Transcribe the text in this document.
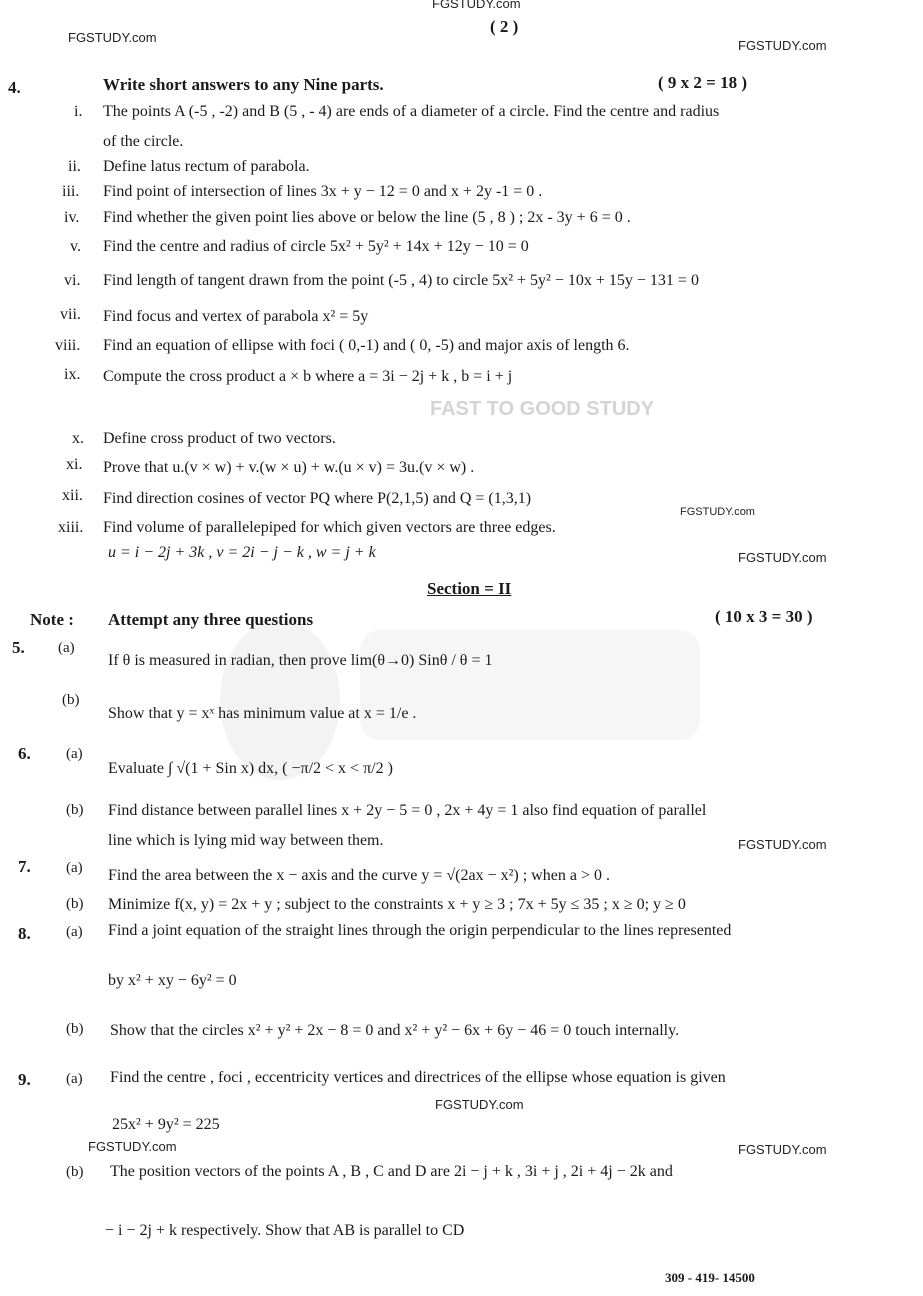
FAST TO GOOD STUDY
FGSTUDY.com
( 2 )
FGSTUDY.com
FGSTUDY.com
4.	Write short answers to any Nine parts.	( 9 x 2 = 18 )
i. The points A (-5 , -2) and B (5 , - 4) are ends of a diameter of a circle. Find the centre and radius
of the circle.
ii. Define latus rectum of parabola.
iii. Find point of intersection of lines 3x + y − 12 = 0 and x + 2y -1 = 0 .
iv. Find whether the given point lies above or below the line (5 , 8 ) ; 2x - 3y + 6 = 0 .
v. Find the centre and radius of circle 5x² + 5y² + 14x + 12y − 10 = 0
vi. Find length of tangent drawn from the point (-5 , 4) to circle 5x² + 5y² − 10x + 15y − 131 = 0
vii. Find focus and vertex of parabola x² = 5y
viii. Find an equation of ellipse with foci ( 0,-1) and ( 0, -5) and major axis of length 6.
ix. Compute the cross product a × b where a = 3i − 2j + k , b = i + j
x. Define cross product of two vectors.
xi. Prove that u.(v × w) + v.(w × u) + w.(u × v) = 3u.(v × w) .
xii. Find direction cosines of vector PQ where P(2,1,5) and Q = (1,3,1)
FGSTUDY.com
xiii. Find volume of parallelepiped for which given vectors are three edges.
u = i − 2j + 3k , v = 2i − j − k , w = j + k	FGSTUDY.com
Section = II
Note : Attempt any three questions	( 10 x 3 = 30 )
5. (a)
If θ is measured in radian, then prove lim(θ→0) Sinθ / θ = 1
(b)
Show that y = xˣ has minimum value at x = 1/e .
6. (a)
Evaluate ∫ √(1 + Sin x) dx, ( −π/2 < x < π/2 )
(b) Find distance between parallel lines x + 2y − 5 = 0 , 2x + 4y = 1 also find equation of parallel
line which is lying mid way between them.	FGSTUDY.com
7. (a) Find the area between the x − axis and the curve y = √(2ax − x²) ; when a > 0 .
(b) Minimize f(x, y) = 2x + y ; subject to the constraints x + y ≥ 3 ; 7x + 5y ≤ 35 ; x ≥ 0; y ≥ 0
8. (a) Find a joint equation of the straight lines through the origin perpendicular to the lines represented
by x² + xy − 6y² = 0
(b) Show that the circles x² + y² + 2x − 8 = 0 and x² + y² − 6x + 6y − 46 = 0 touch internally.
9. (a) Find the centre , foci , eccentricity vertices and directrices of the ellipse whose equation is given
FGSTUDY.com
25x² + 9y² = 225
FGSTUDY.com	FGSTUDY.com
(b) The position vectors of the points A , B , C and D are 2i − j + k , 3i + j , 2i + 4j − 2k and
− i − 2j + k respectively. Show that AB is parallel to CD
309 - 419- 14500
